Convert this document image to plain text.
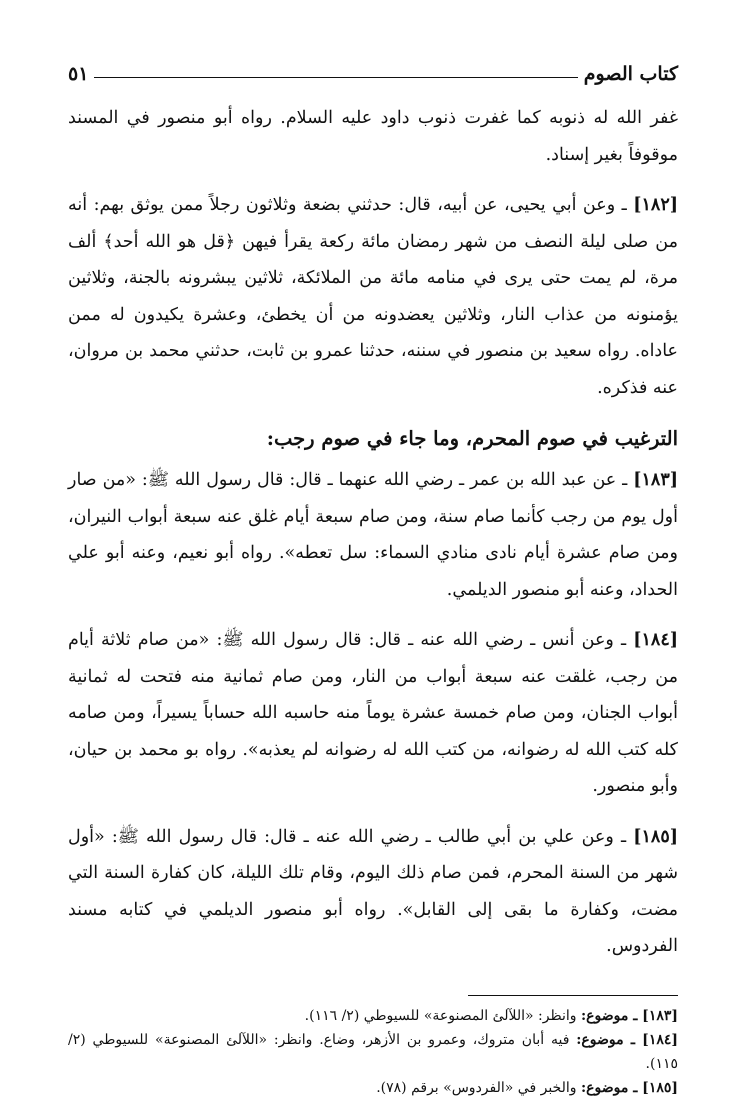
كتاب الصوم
٥١

غفر الله له ذنوبه كما غفرت ذنوب داود عليه السلام. رواه أبو منصور في المسند موقوفاً بغير إسناد.

[١٨٢] ـ وعن أبي يحيى، عن أبيه، قال: حدثني بضعة وثلاثون رجلاً ممن يوثق بهم: أنه من صلى ليلة النصف من شهر رمضان مائة ركعة يقرأ فيهن ﴿قل هو الله أحد﴾ ألف مرة، لم يمت حتى يرى في منامه مائة من الملائكة، ثلاثين يبشرونه بالجنة، وثلاثين يؤمنونه من عذاب النار، وثلاثين يعضدونه من أن يخطئ، وعشرة يكيدون له ممن عاداه. رواه سعيد بن منصور في سننه، حدثنا عمرو بن ثابت، حدثني محمد بن مروان، عنه فذكره.

الترغيب في صوم المحرم، وما جاء في صوم رجب:

[١٨٣] ـ عن عبد الله بن عمر ـ رضي الله عنهما ـ قال: قال رسول الله ﷺ: «من صار أول يوم من رجب كأنما صام سنة، ومن صام سبعة أيام غلق عنه سبعة أبواب النيران، ومن صام عشرة أيام نادى منادي السماء: سل تعطه». رواه أبو نعيم، وعنه أبو علي الحداد، وعنه أبو منصور الديلمي.

[١٨٤] ـ وعن أنس ـ رضي الله عنه ـ قال: قال رسول الله ﷺ: «من صام ثلاثة أيام من رجب، غلقت عنه سبعة أبواب من النار، ومن صام ثمانية منه فتحت له ثمانية أبواب الجنان، ومن صام خمسة عشرة يوماً منه حاسبه الله حساباً يسيراً، ومن صامه كله كتب الله له رضوانه، من كتب الله له رضوانه لم يعذبه». رواه بو محمد بن حيان، وأبو منصور.

[١٨٥] ـ وعن علي بن أبي طالب ـ رضي الله عنه ـ قال: قال رسول الله ﷺ: «أول شهر من السنة المحرم، فمن صام ذلك اليوم، وقام تلك الليلة، كان كفارة السنة التي مضت، وكفارة ما بقى إلى القابل». رواه أبو منصور الديلمي في كتابه مسند الفردوس.

[١٨٣] ـ موضوع: وانظر: «اللآلئ المصنوعة» للسيوطي (٢/ ١١٦).

[١٨٤] ـ موضوع: فيه أبان متروك، وعمرو بن الأزهر، وضاع. وانظر: «اللآلئ المصنوعة» للسيوطي (٢/ ١١٥).

[١٨٥] ـ موضوع: والخبر في «الفردوس» برقم (٧٨).
